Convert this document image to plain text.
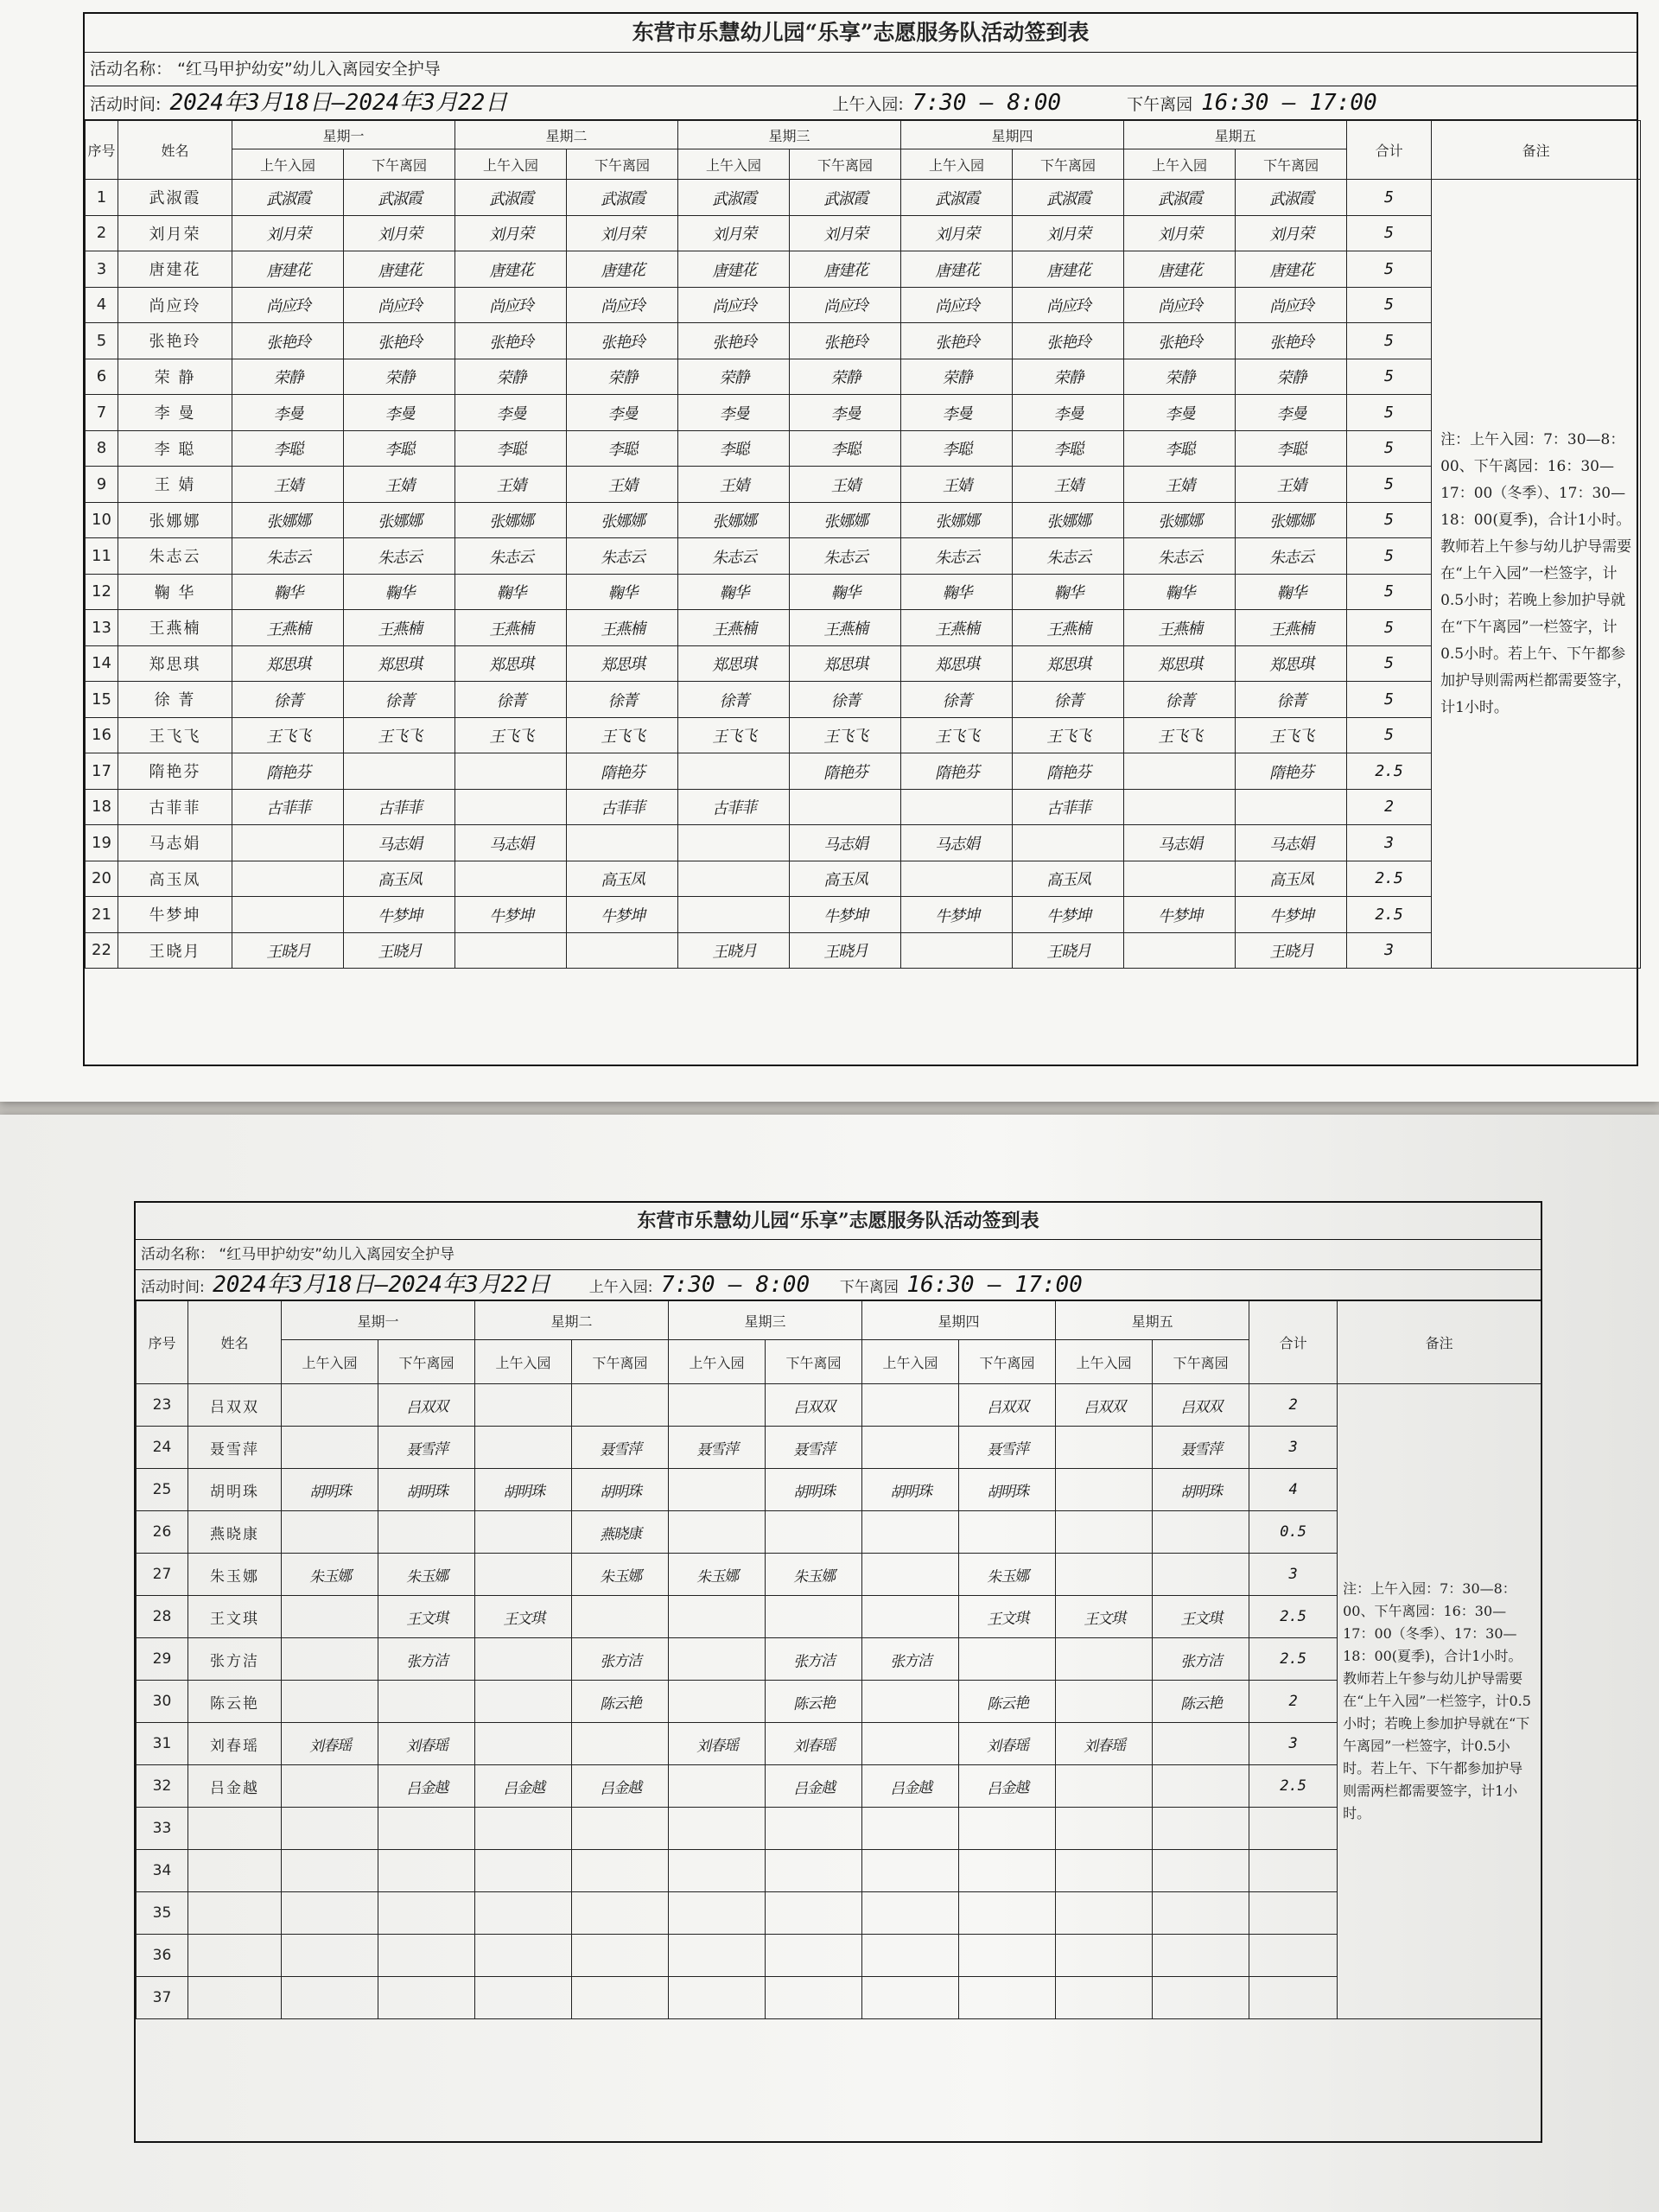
东营市乐慧幼儿园“乐享”志愿服务队活动签到表
活动名称： “红马甲护幼安”幼儿入离园安全护导
活动时间: 2024年3月18日—2024年3月22日	上午入园: 7:30 — 8:00	下午离园 16:30 — 17:00
序号	姓名	星期一		星期二		星期三		星期四		星期五		合计	备注
		上午入园	下午离园	上午入园	下午离园	上午入园	下午离园	上午入园	下午离园	上午入园	下午离园		
1	武淑霞	武淑霞	武淑霞	武淑霞	武淑霞	武淑霞	武淑霞	武淑霞	武淑霞	武淑霞	武淑霞	5	注：上午入园：7：30—8：00、下午离园：16：30—17：00（冬季）、17：30—18：00(夏季)，合计1小时。教师若上午参与幼儿护导需要在“上午入园”一栏签字，计0.5小时；若晚上参加护导就在“下午离园”一栏签字，计0.5小时。若上午、下午都参加护导则需两栏都需要签字，计1小时。
2	刘月荣	刘月荣	刘月荣	刘月荣	刘月荣	刘月荣	刘月荣	刘月荣	刘月荣	刘月荣	刘月荣	5	
3	唐建花	唐建花	唐建花	唐建花	唐建花	唐建花	唐建花	唐建花	唐建花	唐建花	唐建花	5	
4	尚应玲	尚应玲	尚应玲	尚应玲	尚应玲	尚应玲	尚应玲	尚应玲	尚应玲	尚应玲	尚应玲	5	
5	张艳玲	张艳玲	张艳玲	张艳玲	张艳玲	张艳玲	张艳玲	张艳玲	张艳玲	张艳玲	张艳玲	5	
6	荣 静	荣静	荣静	荣静	荣静	荣静	荣静	荣静	荣静	荣静	荣静	5	
7	李 曼	李曼	李曼	李曼	李曼	李曼	李曼	李曼	李曼	李曼	李曼	5	
8	李 聪	李聪	李聪	李聪	李聪	李聪	李聪	李聪	李聪	李聪	李聪	5	
9	王 婧	王婧	王婧	王婧	王婧	王婧	王婧	王婧	王婧	王婧	王婧	5	
10	张娜娜	张娜娜	张娜娜	张娜娜	张娜娜	张娜娜	张娜娜	张娜娜	张娜娜	张娜娜	张娜娜	5	
11	朱志云	朱志云	朱志云	朱志云	朱志云	朱志云	朱志云	朱志云	朱志云	朱志云	朱志云	5	
12	鞠 华	鞠华	鞠华	鞠华	鞠华	鞠华	鞠华	鞠华	鞠华	鞠华	鞠华	5	
13	王燕楠	王燕楠	王燕楠	王燕楠	王燕楠	王燕楠	王燕楠	王燕楠	王燕楠	王燕楠	王燕楠	5	
14	郑思琪	郑思琪	郑思琪	郑思琪	郑思琪	郑思琪	郑思琪	郑思琪	郑思琪	郑思琪	郑思琪	5	
15	徐 菁	徐菁	徐菁	徐菁	徐菁	徐菁	徐菁	徐菁	徐菁	徐菁	徐菁	5	
16	王飞飞	王飞飞	王飞飞	王飞飞	王飞飞	王飞飞	王飞飞	王飞飞	王飞飞	王飞飞	王飞飞	5	
17	隋艳芬	隋艳芬			隋艳芬		隋艳芬	隋艳芬	隋艳芬		隋艳芬	2.5	
18	古菲菲	古菲菲	古菲菲		古菲菲	古菲菲			古菲菲			2	
19	马志娟		马志娟	马志娟			马志娟	马志娟		马志娟	马志娟	3	
20	高玉凤		高玉凤		高玉凤		高玉凤		高玉凤		高玉凤	2.5	
21	牛梦坤		牛梦坤	牛梦坤	牛梦坤		牛梦坤	牛梦坤	牛梦坤	牛梦坤	牛梦坤	2.5	
22	王晓月	王晓月	王晓月			王晓月	王晓月		王晓月		王晓月	3	
东营市乐慧幼儿园“乐享”志愿服务队活动签到表
活动名称： “红马甲护幼安”幼儿入离园安全护导
活动时间: 2024年3月18日—2024年3月22日	上午入园: 7:30 — 8:00 下午离园 16:30 — 17:00
序号	姓名	星期一		星期二		星期三		星期四		星期五		合计	备注
		上午入园	下午离园	上午入园	下午离园	上午入园	下午离园	上午入园	下午离园	上午入园	下午离园		
23	吕双双		吕双双				吕双双		吕双双	吕双双	吕双双	2	注：上午入园：7：30—8：00、下午离园：16：30—17：00（冬季）、17：30—18：00(夏季)，合计1小时。教师若上午参与幼儿护导需要在“上午入园”一栏签字，计0.5小时；若晚上参加护导就在“下午离园”一栏签字，计0.5小时。若上午、下午都参加护导则需两栏都需要签字，计1小时。
24	聂雪萍		聂雪萍		聂雪萍	聂雪萍	聂雪萍		聂雪萍		聂雪萍	3	
25	胡明珠	胡明珠	胡明珠	胡明珠	胡明珠		胡明珠	胡明珠	胡明珠		胡明珠	4	
26	燕晓康				燕晓康							0.5	
27	朱玉娜	朱玉娜	朱玉娜		朱玉娜	朱玉娜	朱玉娜		朱玉娜			3	
28	王文琪		王文琪	王文琪					王文琪	王文琪	王文琪	2.5	
29	张方洁		张方洁		张方洁		张方洁	张方洁			张方洁	2.5	
30	陈云艳				陈云艳		陈云艳		陈云艳		陈云艳	2	
31	刘春瑶	刘春瑶	刘春瑶			刘春瑶	刘春瑶		刘春瑶	刘春瑶		3	
32	吕金越		吕金越	吕金越	吕金越		吕金越	吕金越	吕金越			2.5	
33													
34													
35													
36													
37													
